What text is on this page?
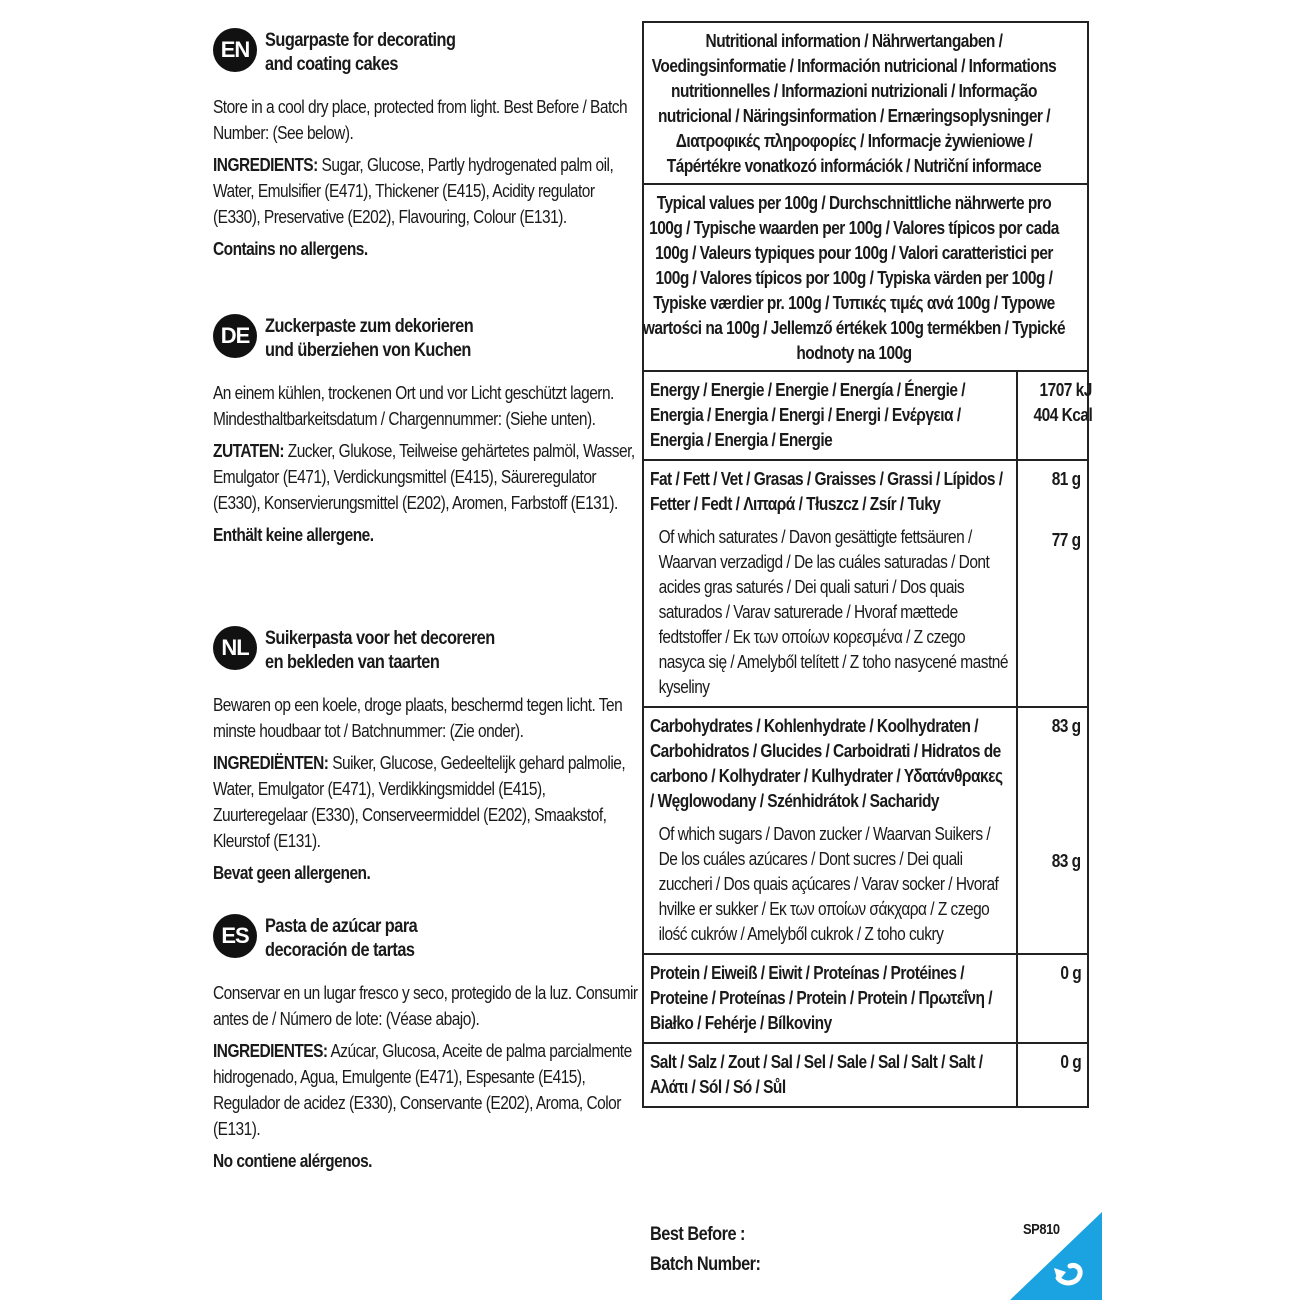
EN Sugarpaste for decorating
and coating cakes
Store in a cool dry place, protected from light. Best Before / Batch Number: (See below).
INGREDIENTS: Sugar, Glucose, Partly hydrogenated palm oil, Water, Emulsifier (E471), Thickener (E415), Acidity regulator (E330), Preservative (E202), Flavouring, Colour (E131).
Contains no allergens.
DE Zuckerpaste zum dekorieren
und überziehen von Kuchen
An einem kühlen, trockenen Ort und vor Licht geschützt lagern. Mindesthaltbarkeitsdatum / Chargennummer: (Siehe unten).
ZUTATEN: Zucker, Glukose, Teilweise gehärtetes palmöl, Wasser, Emulgator (E471), Verdickungsmittel (E415), Säureregulator (E330), Konservierungsmittel (E202), Aromen, Farbstoff (E131).
Enthält keine allergene.
NL Suikerpasta voor het decoreren
en bekleden van taarten
Bewaren op een koele, droge plaats, beschermd tegen licht. Ten minste houdbaar tot / Batchnummer: (Zie onder).
INGREDIËNTEN: Suiker, Glucose, Gedeeltelijk gehard palmolie, Water, Emulgator (E471), Verdikkingsmiddel (E415), Zuurteregelaar (E330), Conserveermiddel (E202), Smaakstof, Kleurstof (E131).
Bevat geen allergenen.
ES Pasta de azúcar para
decoración de tartas
Conservar en un lugar fresco y seco, protegido de la luz. Consumir antes de / Número de lote: (Véase abajo).
INGREDIENTES: Azúcar, Glucosa, Aceite de palma parcialmente hidrogenado, Agua, Emulgente (E471), Espesante (E415), Regulador de acidez (E330), Conservante (E202), Aroma, Color (E131).
No contiene alérgenos.
Nutritional information / Nährwertangaben / Voedingsinformatie / Información nutricional / Informations nutritionnelles / Informazioni nutrizionali / Informação nutricional / Näringsinformation / Ernæringsoplysninger / Διατροφικές πληροφορίες / Informacje żywieniowe / Tápértékre vonatkozó információk / Nutriční informace
Typical values per 100g / Durchschnittliche nährwerte pro 100g / Typische waarden per 100g / Valores típicos por cada 100g / Valeurs typiques pour 100g / Valori caratteristici per 100g / Valores típicos por 100g / Typiska värden per 100g / Typiske værdier pr. 100g / Τυπικές τιμές ανά 100g / Typowe wartości na 100g / Jellemző értékek 100g termékben / Typické hodnoty na 100g
Energy / Energie / Energie / Energía / Énergie / Energia / Energia / Energi / Energi / Ενέργεια / Energia / Energia / Energie
1707 kJ
404 Kcal
Fat / Fett / Vet / Grasas / Graisses / Grassi / Lípidos / Fetter / Fedt / Λιπαρά / Tłuszcz / Zsír / Tuky
Of which saturates / Davon gesättigte fettsäuren / Waarvan verzadigd / De las cuáles saturadas / Dont acides gras saturés / Dei quali saturi / Dos quais saturados / Varav saturerade / Hvoraf mættede fedtstoffer / Εκ των οποίων κορεσμένα / Z czego nasyca się / Amelyből telített / Z toho nasycené mastné kyseliny
81 g
77 g
Carbohydrates / Kohlenhydrate / Koolhydraten / Carbohidratos / Glucides / Carboidrati / Hidratos de carbono / Kolhydrater / Kulhydrater / Υδατάνθρακες / Węglowodany / Szénhidrátok / Sacharidy
Of which sugars / Davon zucker / Waarvan Suikers / De los cuáles azúcares / Dont sucres / Dei quali zuccheri / Dos quais açúcares / Varav socker / Hvoraf hvilke er sukker / Εκ των οποίων σάκχαρα / Z czego ilość cukrów / Amelyből cukrok / Z toho cukry
83 g
83 g
Protein / Eiweiß / Eiwit / Proteínas / Protéines / Proteine / Proteínas / Protein / Protein / Πρωτεΐνη / Białko / Fehérje / Bílkoviny
0 g
Salt / Salz / Zout / Sal / Sel / Sale / Sal / Salt / Salt / Αλάτι / Sól / Só / Sůl
0 g
Best Before :
Batch Number:
SP810
